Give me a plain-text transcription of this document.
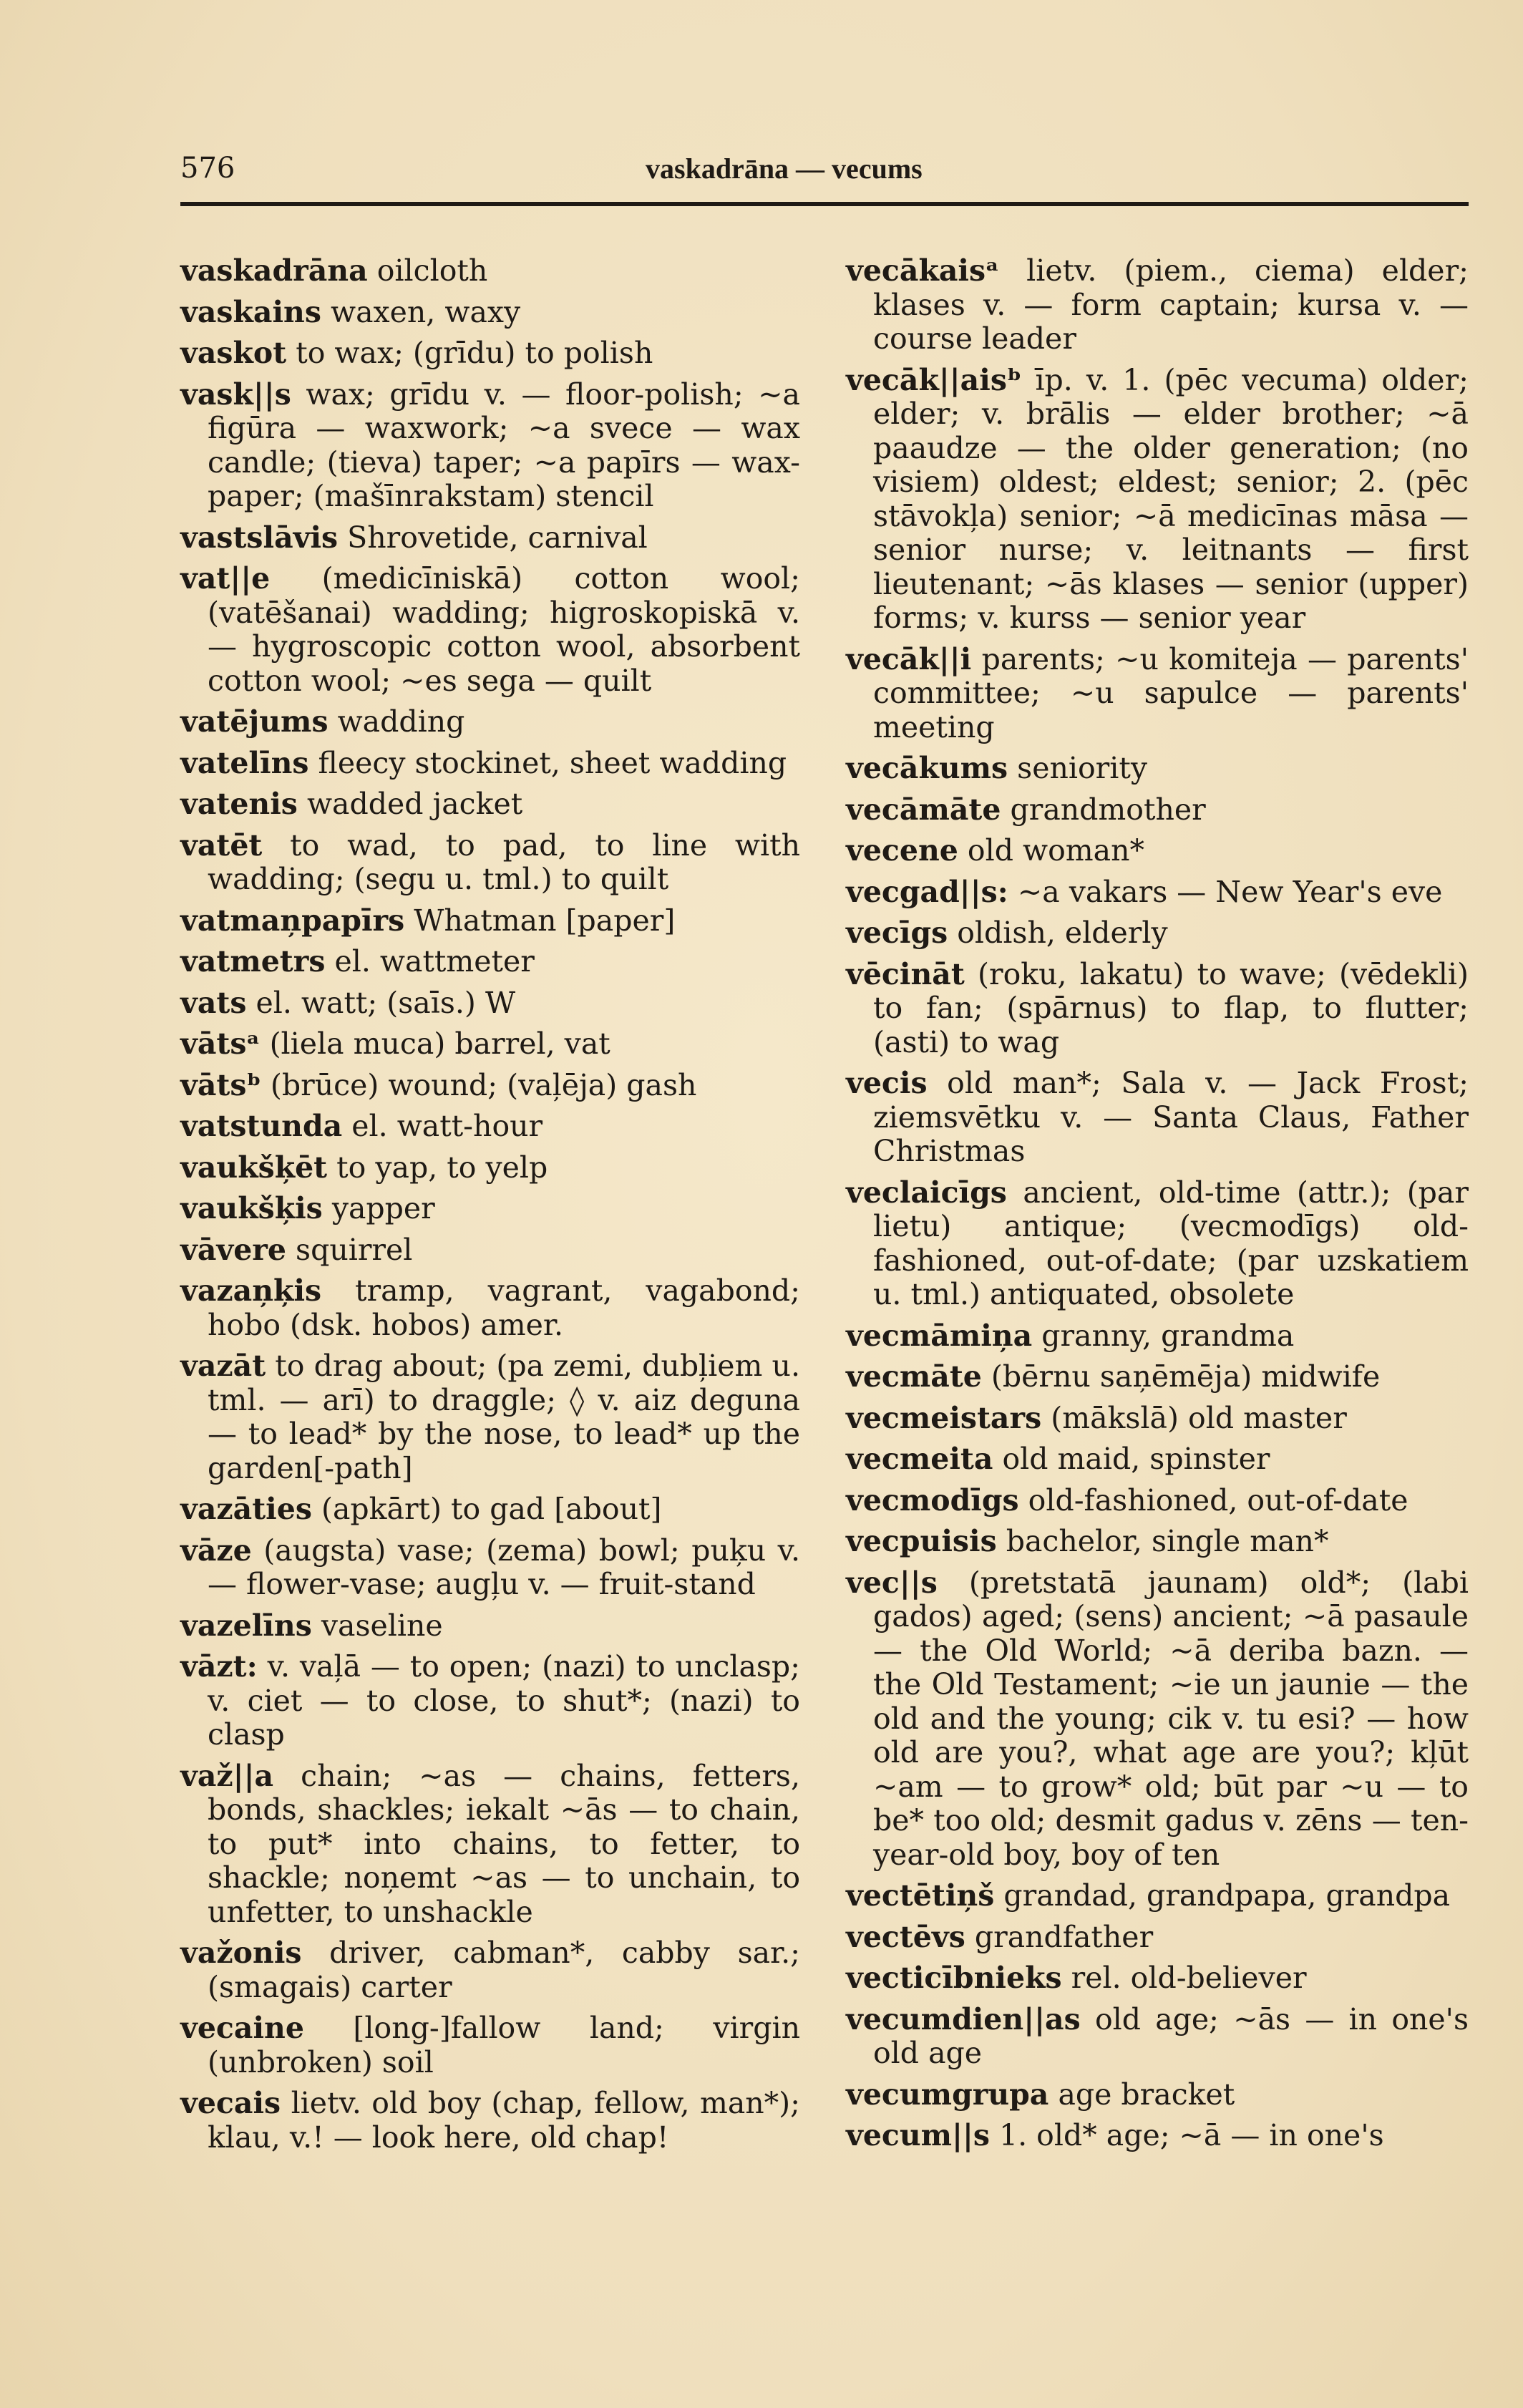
576	vaskadrāna — vecums
vaskadrāna oilcloth
vaskains waxen, waxy
vaskot to wax; (grīdu) to polish
vask||s wax; grīdu v. — floor-polish; ~a figūra — waxwork; ~a svece — wax candle; (tieva) taper; ~a papīrs — wax-paper; (mašīnrakstam) stencil
vastslāvis Shrovetide, carnival
vat||e (medicīniskā) cotton wool; (vatēšanai) wadding; higroskopiskā v. — hygroscopic cotton wool, absorbent cotton wool; ~es sega — quilt
vatējums wadding
vatelīns fleecy stockinet, sheet wadding
vatenis wadded jacket
vatēt to wad, to pad, to line with wadding; (segu u. tml.) to quilt
vatmaņpapīrs Whatman [paper]
vatmetrs el. wattmeter
vats el. watt; (saīs.) W
vātsᵃ (liela muca) barrel, vat
vātsᵇ (brūce) wound; (vaļēja) gash
vatstunda el. watt-hour
vaukšķēt to yap, to yelp
vaukšķis yapper
vāvere squirrel
vazaņķis tramp, vagrant, vagabond; hobo (dsk. hobos) amer.
vazāt to drag about; (pa zemi, dubļiem u. tml. — arī) to draggle; ◊ v. aiz deguna — to lead* by the nose, to lead* up the garden[-path]
vazāties (apkārt) to gad [about]
vāze (augsta) vase; (zema) bowl; puķu v. — flower-vase; augļu v. — fruit-stand
vazelīns vaseline
vāzt: v. vaļā — to open; (nazi) to unclasp; v. ciet — to close, to shut*; (nazi) to clasp
važ||a chain; ~as — chains, fetters, bonds, shackles; iekalt ~ās — to chain, to put* into chains, to fetter, to shackle; noņemt ~as — to unchain, to unfetter, to unshackle
važonis driver, cabman*, cabby sar.; (smagais) carter
vecaine [long-]fallow land; virgin (unbroken) soil
vecais lietv. old boy (chap, fellow, man*); klau, v.! — look here, old chap!
vecākaisᵃ lietv. (piem., ciema) elder; klases v. — form captain; kursa v. — course leader
vecāk||aisᵇ īp. v. 1. (pēc vecuma) older; elder; v. brālis — elder brother; ~ā paaudze — the older generation; (no visiem) oldest; eldest; senior; 2. (pēc stāvokļa) senior; ~ā medicīnas māsa — senior nurse; v. leitnants — first lieutenant; ~ās klases — senior (upper) forms; v. kurss — senior year
vecāk||i parents; ~u komiteja — parents' committee; ~u sapulce — parents' meeting
vecākums seniority
vecāmāte grandmother
vecene old woman*
vecgad||s: ~a vakars — New Year's eve
vecīgs oldish, elderly
vēcināt (roku, lakatu) to wave; (vēdekli) to fan; (spārnus) to flap, to flutter; (asti) to wag
vecis old man*; Sala v. — Jack Frost; ziemsvētku v. — Santa Claus, Father Christmas
veclaicīgs ancient, old-time (attr.); (par lietu) antique; (vecmodīgs) old-fashioned, out-of-date; (par uzskatiem u. tml.) antiquated, obsolete
vecmāmiņa granny, grandma
vecmāte (bērnu saņēmēja) midwife
vecmeistars (mākslā) old master
vecmeita old maid, spinster
vecmodīgs old-fashioned, out-of-date
vecpuisis bachelor, single man*
vec||s (pretstatā jaunam) old*; (labi gados) aged; (sens) ancient; ~ā pasaule — the Old World; ~ā deriba bazn. — the Old Testament; ~ie un jaunie — the old and the young; cik v. tu esi? — how old are you?, what age are you?; kļūt ~am — to grow* old; būt par ~u — to be* too old; desmit gadus v. zēns — ten-year-old boy, boy of ten
vectētiņš grandad, grandpapa, grandpa
vectēvs grandfather
vecticībnieks rel. old-believer
vecumdien||as old age; ~ās — in one's old age
vecumgrupa age bracket
vecum||s 1. old* age; ~ā — in one's
